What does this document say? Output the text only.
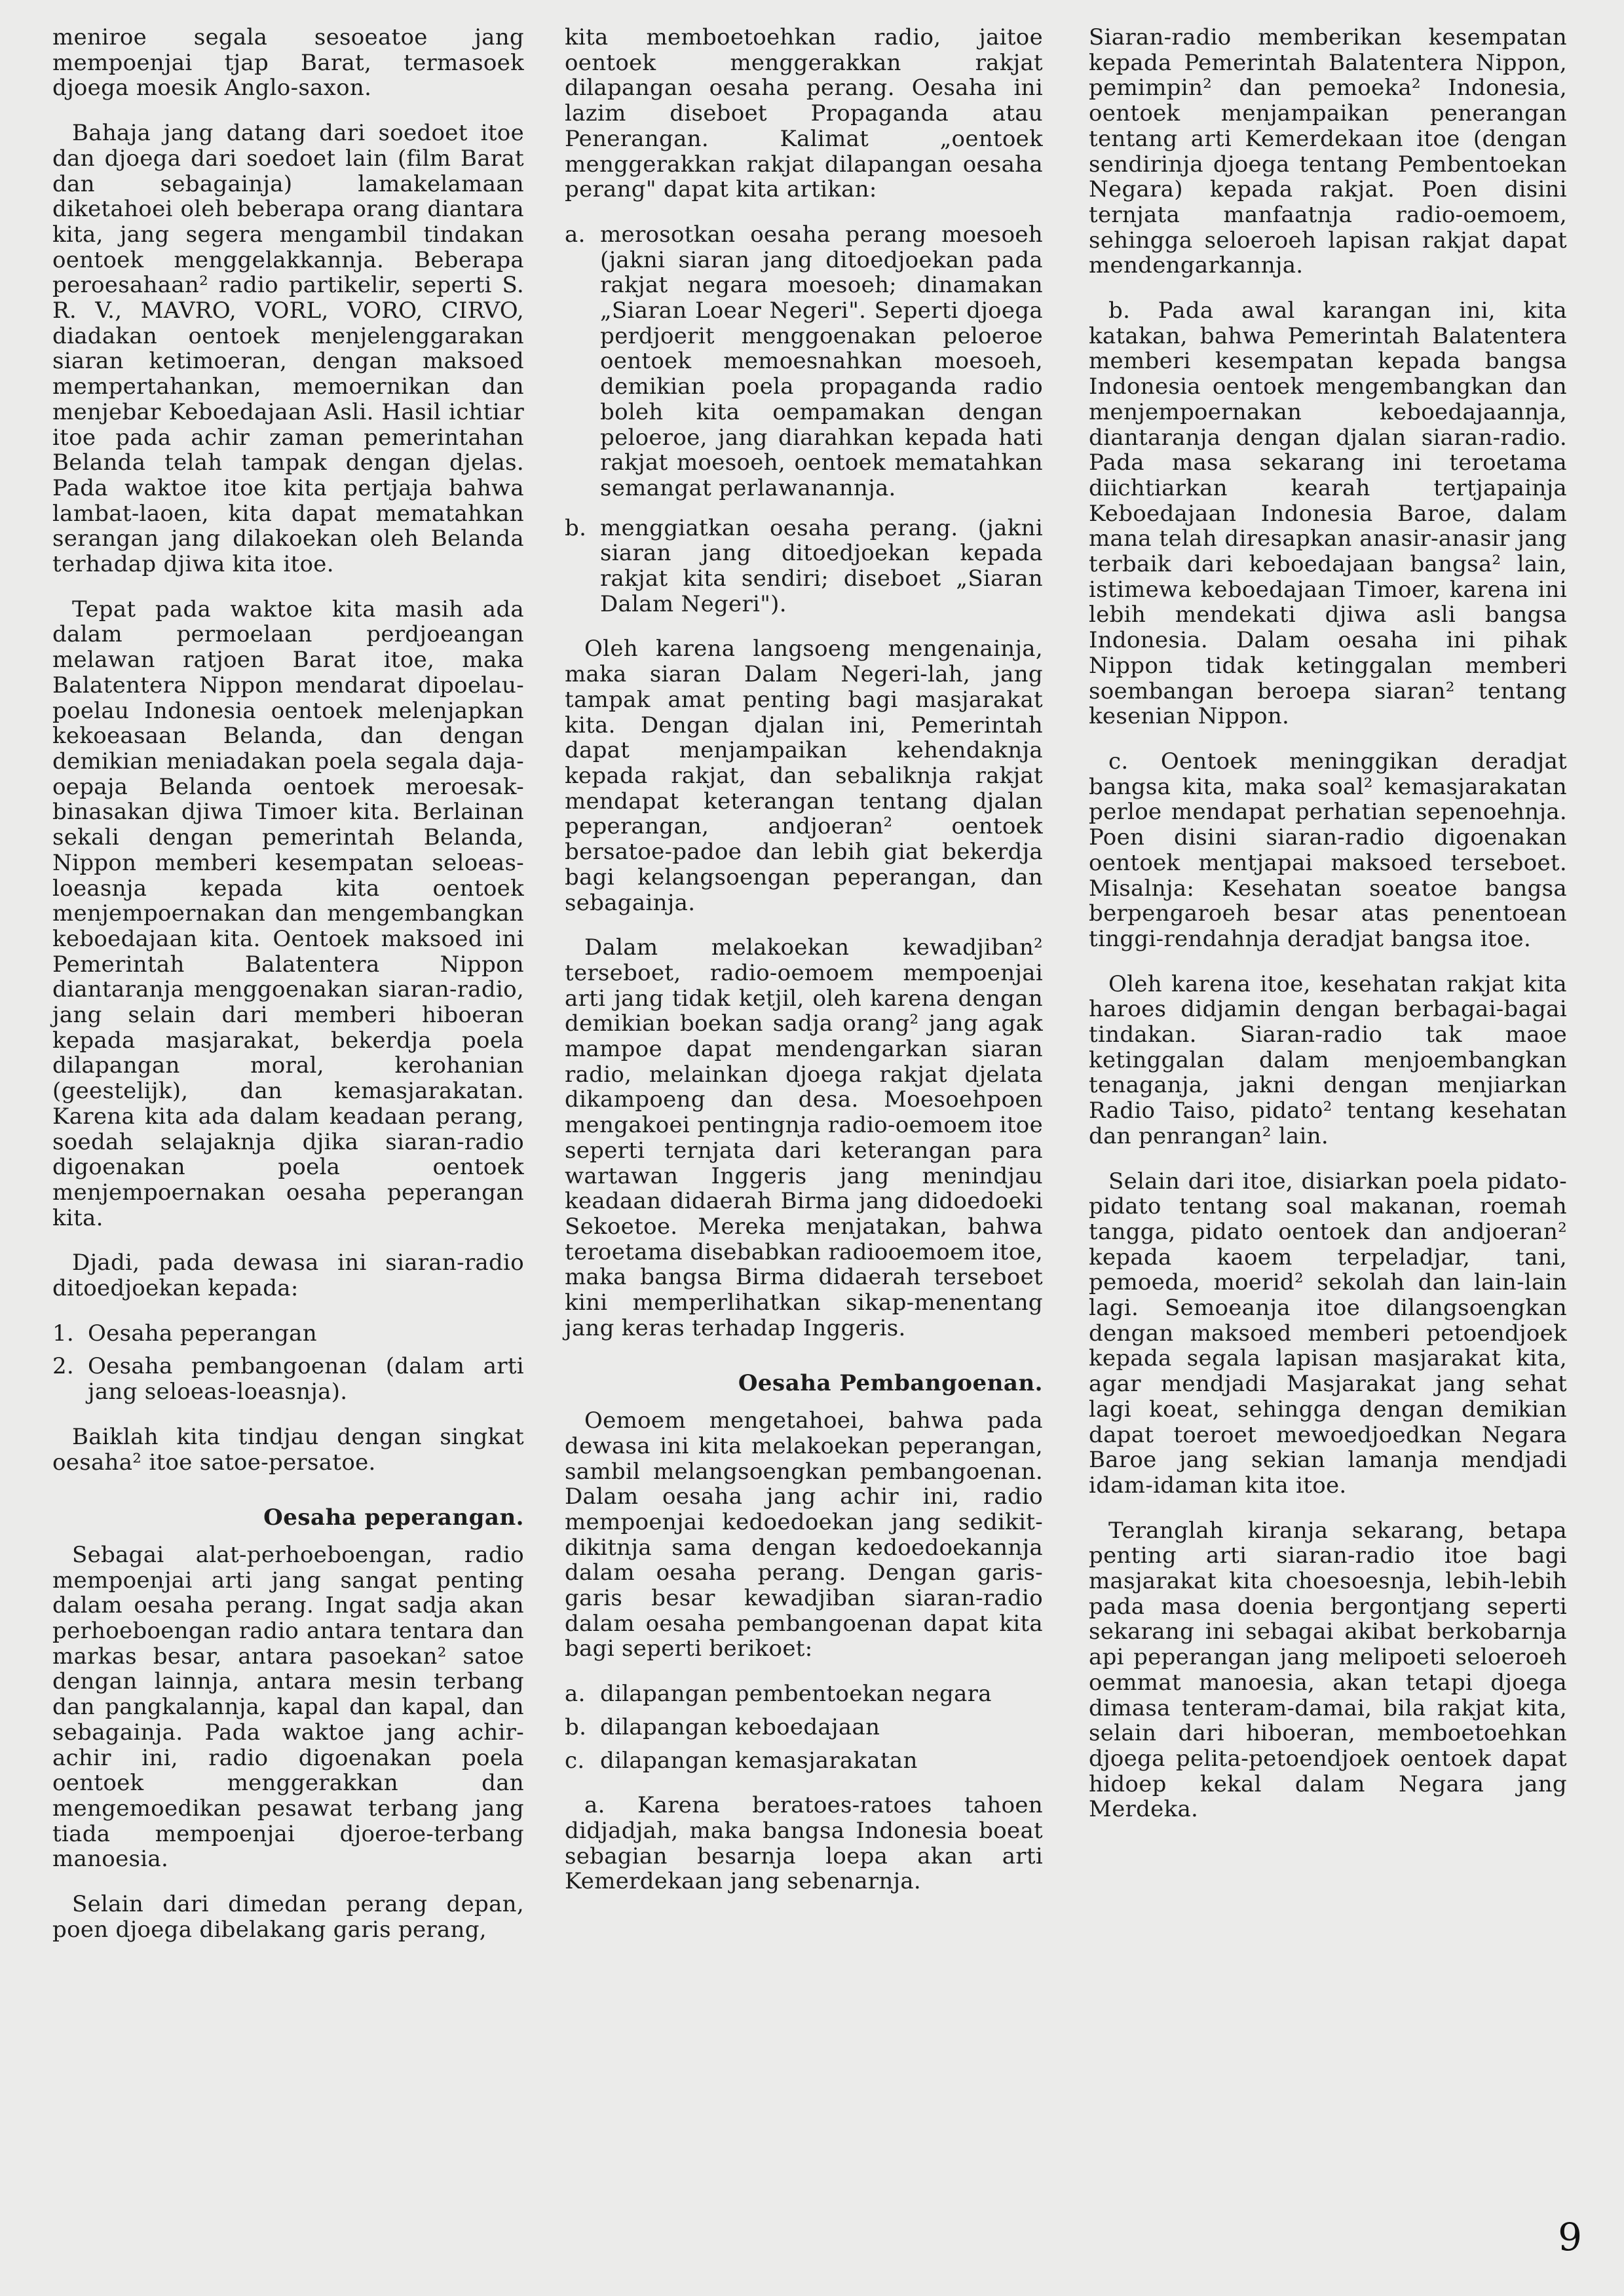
meniroe segala sesoeatoe jang mempoenjai tjap Barat, termasoek djoega moesik Anglo-saxon.

Bahaja jang datang dari soedoet itoe dan djoega dari soedoet lain (film Barat dan sebagainja) lamakelamaan diketahoei oleh beberapa orang diantara kita, jang segera mengambil tindakan oentoek menggelakkannja. Beberapa peroesahaan² radio partikelir, seperti S. R. V., MAVRO, VORL, VORO, CIRVO, diadakan oentoek menjelenggarakan siaran ketimoeran, dengan maksoed mempertahankan, memoernikan dan menjebar Keboedajaan Asli. Hasil ichtiar itoe pada achir zaman pemerintahan Belanda telah tampak dengan djelas. Pada waktoe itoe kita pertjaja bahwa lambat-laoen, kita dapat mematahkan serangan jang dilakoekan oleh Belanda terhadap djiwa kita itoe.

Tepat pada waktoe kita masih ada dalam permoelaan perdjoeangan melawan ratjoen Barat itoe, maka Balatentera Nippon mendarat dipoelau-poelau Indonesia oentoek melenjapkan kekoeasaan Belanda, dan dengan demikian meniadakan poela segala daja-oepaja Belanda oentoek meroesak-binasakan djiwa Timoer kita. Berlainan sekali dengan pemerintah Belanda, Nippon memberi kesempatan seloeas-loeasnja kepada kita oentoek menjempoernakan dan mengembangkan keboedajaan kita. Oentoek maksoed ini Pemerintah Balatentera Nippon diantaranja menggoenakan siaran-radio, jang selain dari memberi hiboeran kepada masjarakat, bekerdja poela dilapangan moral, kerohanian (geestelijk), dan kemasjarakatan. Karena kita ada dalam keadaan perang, soedah selajaknja djika siaran-radio digoenakan poela oentoek menjempoernakan oesaha peperangan kita.

Djadi, pada dewasa ini siaran-radio ditoedjoekan kepada:

1. Oesaha peperangan
2. Oesaha pembangoenan (dalam arti jang seloeas-loeasnja).

Baiklah kita tindjau dengan singkat oesaha² itoe satoe-persatoe.

Oesaha peperangan.

Sebagai alat-perhoeboengan, radio mempoenjai arti jang sangat penting dalam oesaha perang. Ingat sadja akan perhoeboengan radio antara tentara dan markas besar, antara pasoekan² satoe dengan lainnja, antara mesin terbang dan pangkalannja, kapal dan kapal, dan sebagainja. Pada waktoe jang achir-achir ini, radio digoenakan poela oentoek menggerakkan dan mengemoedikan pesawat terbang jang tiada mempoenjai djoeroe-terbang manoesia.

Selain dari dimedan perang depan, poen djoega dibelakang garis perang,

kita memboetoehkan radio, jaitoe oentoek menggerakkan rakjat dilapangan oesaha perang. Oesaha ini lazim diseboet Propaganda atau Penerangan. Kalimat „oentoek menggerakkan rakjat dilapangan oesaha perang" dapat kita artikan:

a. merosotkan oesaha perang moesoeh (jakni siaran jang ditoedjoekan pada rakjat negara moesoeh; dinamakan „Siaran Loear Negeri". Seperti djoega perdjoerit menggoenakan peloeroe oentoek memoesnahkan moesoeh, demikian poela propaganda radio boleh kita oempamakan dengan peloeroe, jang diarahkan kepada hati rakjat moesoeh, oentoek mematahkan semangat perlawanannja.
b. menggiatkan oesaha perang. (jakni siaran jang ditoedjoekan kepada rakjat kita sendiri; diseboet „Siaran Dalam Negeri").

Oleh karena langsoeng mengenainja, maka siaran Dalam Negeri-lah, jang tampak amat penting bagi masjarakat kita. Dengan djalan ini, Pemerintah dapat menjampaikan kehendaknja kepada rakjat, dan sebaliknja rakjat mendapat keterangan tentang djalan peperangan, andjoeran² oentoek bersatoe-padoe dan lebih giat bekerdja bagi kelangsoengan peperangan, dan sebagainja.

Dalam melakoekan kewadjiban² terseboet, radio-oemoem mempoenjai arti jang tidak ketjil, oleh karena dengan demikian boekan sadja orang² jang agak mampoe dapat mendengarkan siaran radio, melainkan djoega rakjat djelata dikampoeng dan desa. Moesoehpoen mengakoei pentingnja radio-oemoem itoe seperti ternjata dari keterangan para wartawan Inggeris jang menindjau keadaan didaerah Birma jang didoedoeki Sekoetoe. Mereka menjatakan, bahwa teroetama disebabkan radiooemoem itoe, maka bangsa Birma didaerah terseboet kini memperlihatkan sikap-menentang jang keras terhadap Inggeris.

Oesaha Pembangoenan.

Oemoem mengetahoei, bahwa pada dewasa ini kita melakoekan peperangan, sambil melangsoengkan pembangoenan. Dalam oesaha jang achir ini, radio mempoenjai kedoedoekan jang sedikit-dikitnja sama dengan kedoedoekannja dalam oesaha perang. Dengan garis-garis besar kewadjiban siaran-radio dalam oesaha pembangoenan dapat kita bagi seperti berikoet:

a. dilapangan pembentoekan negara
b. dilapangan keboedajaan
c. dilapangan kemasjarakatan

a. Karena beratoes-ratoes tahoen didjadjah, maka bangsa Indonesia boeat sebagian besarnja loepa akan arti Kemerdekaan jang sebenarnja.

Siaran-radio memberikan kesempatan kepada Pemerintah Balatentera Nippon, pemimpin² dan pemoeka² Indonesia, oentoek menjampaikan penerangan tentang arti Kemerdekaan itoe (dengan sendirinja djoega tentang Pembentoekan Negara) kepada rakjat. Poen disini ternjata manfaatnja radio-oemoem, sehingga seloeroeh lapisan rakjat dapat mendengarkannja.

b. Pada awal karangan ini, kita katakan, bahwa Pemerintah Balatentera memberi kesempatan kepada bangsa Indonesia oentoek mengembangkan dan menjempoernakan keboedajaannja, diantaranja dengan djalan siaran-radio. Pada masa sekarang ini teroetama diichtiarkan kearah tertjapainja Keboedajaan Indonesia Baroe, dalam mana telah diresapkan anasir-anasir jang terbaik dari keboedajaan bangsa² lain, istimewa keboedajaan Timoer, karena ini lebih mendekati djiwa asli bangsa Indonesia. Dalam oesaha ini pihak Nippon tidak ketinggalan memberi soembangan beroepa siaran² tentang kesenian Nippon.

c. Oentoek meninggikan deradjat bangsa kita, maka soal² kemasjarakatan perloe mendapat perhatian sepenoehnja. Poen disini siaran-radio digoenakan oentoek mentjapai maksoed terseboet. Misalnja: Kesehatan soeatoe bangsa berpengaroeh besar atas penentoean tinggi-rendahnja deradjat bangsa itoe.

Oleh karena itoe, kesehatan rakjat kita haroes didjamin dengan berbagai-bagai tindakan. Siaran-radio tak maoe ketinggalan dalam menjoembangkan tenaganja, jakni dengan menjiarkan Radio Taiso, pidato² tentang kesehatan dan penrangan² lain.

Selain dari itoe, disiarkan poela pidato-pidato tentang soal makanan, roemah tangga, pidato oentoek dan andjoeran² kepada kaoem terpeladjar, tani, pemoeda, moerid² sekolah dan lain-lain lagi. Semoeanja itoe dilangsoengkan dengan maksoed memberi petoendjoek kepada segala lapisan masjarakat kita, agar mendjadi Masjarakat jang sehat lagi koeat, sehingga dengan demikian dapat toeroet mewoedjoedkan Negara Baroe jang sekian lamanja mendjadi idam-idaman kita itoe.

Teranglah kiranja sekarang, betapa penting arti siaran-radio itoe bagi masjarakat kita choesoesnja, lebih-lebih pada masa doenia bergontjang seperti sekarang ini sebagai akibat berkobarnja api peperangan jang melipoeti seloeroeh oemmat manoesia, akan tetapi djoega dimasa tenteram-damai, bila rakjat kita, selain dari hiboeran, memboetoehkan djoega pelita-petoendjoek oentoek dapat hidoep kekal dalam Negara jang Merdeka.

9
